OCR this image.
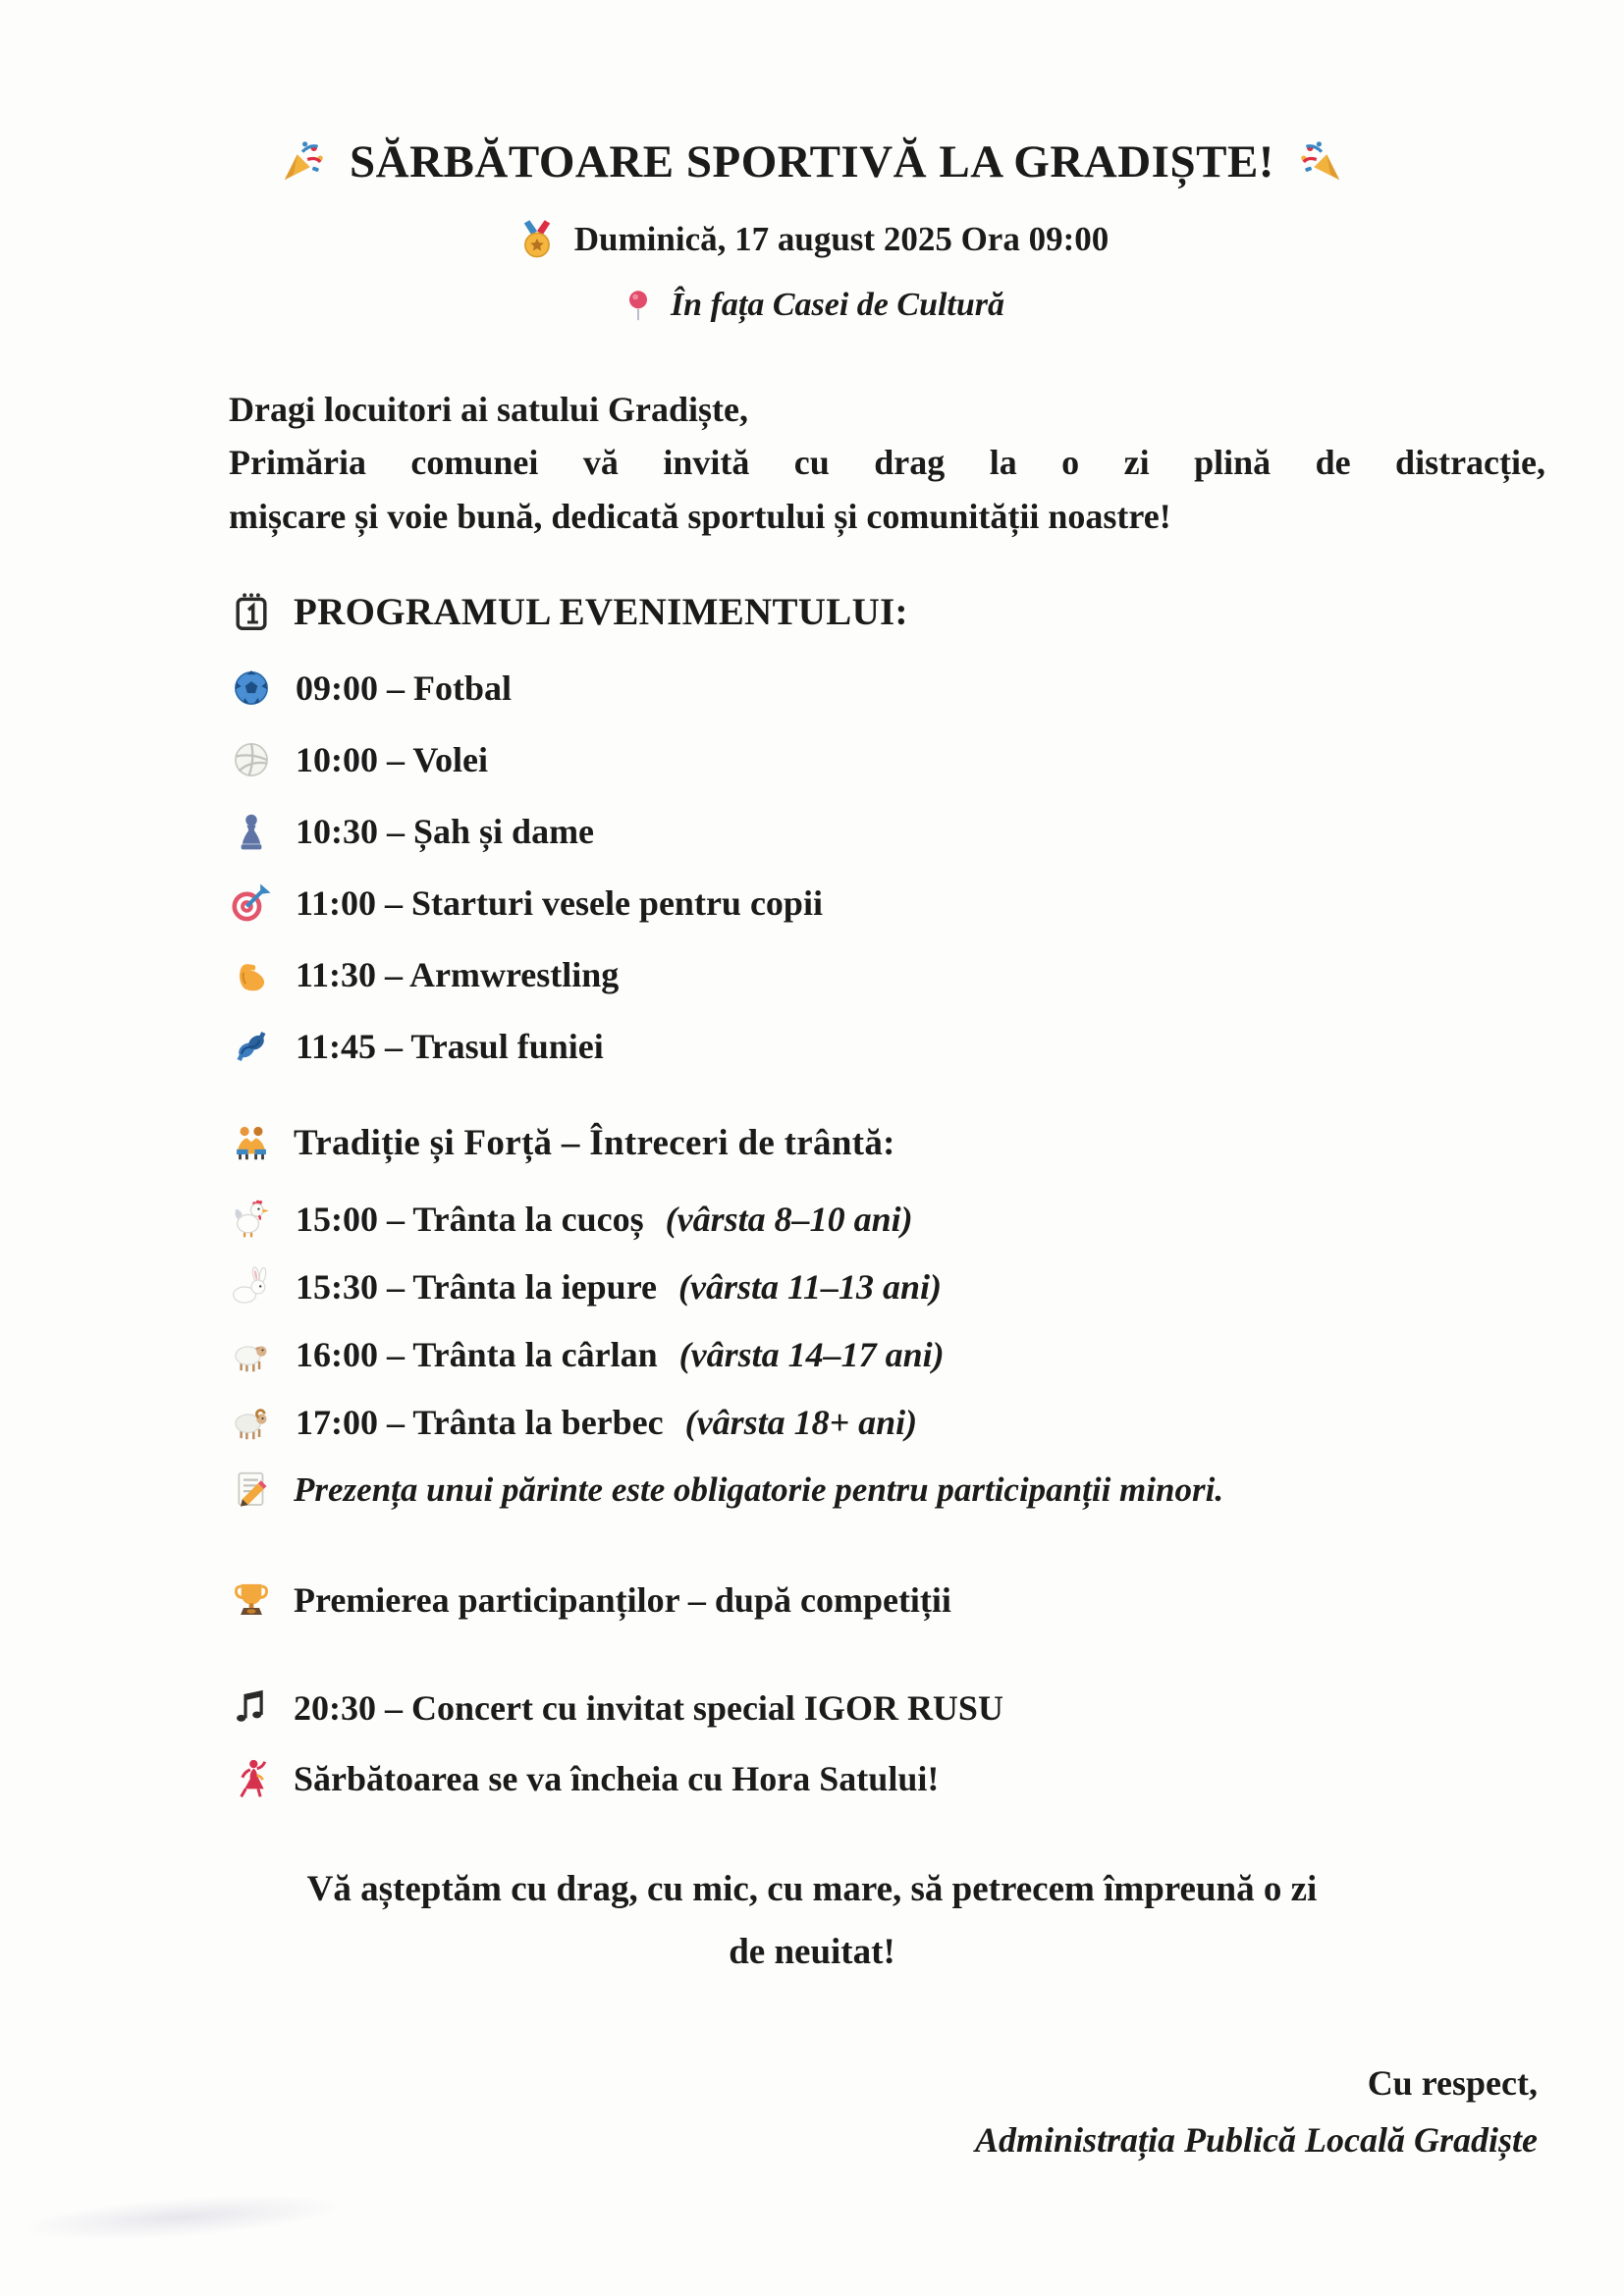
SĂRBĂTOARE SPORTIVĂ LA GRADIȘTE!
Duminică, 17 august 2025 Ora 09:00
În fața Casei de Cultură

Dragi locuitori ai satului Gradiște,

Primăria comunei vă invită cu drag la o zi plină de distracție,

mișcare și voie bună, dedicată sportului și comunității noastre!

PROGRAMUL EVENIMENTULUI:
09:00 – Fotbal
10:00 – Volei
10:30 – Șah și dame
11:00 – Starturi vesele pentru copii
11:30 – Armwrestling
11:45 – Trasul funiei
Tradiție și Forță – Întreceri de trântă:
15:00 – Trânta la cucoș (vârsta 8–10 ani)
15:30 – Trânta la iepure (vârsta 11–13 ani)
16:00 – Trânta la cârlan (vârsta 14–17 ani)
17:00 – Trânta la berbec (vârsta 18+ ani)
Prezența unui părinte este obligatorie pentru participanții minori.
Premierea participanților – după competiții
20:30 – Concert cu invitat special IGOR RUSU
Sărbătoarea se va încheia cu Hora Satului!

Vă așteptăm cu drag, cu mic, cu mare, să petrecem împreună o zi

de neuitat!

Cu respect,
Administrația Publică Locală Gradiște
